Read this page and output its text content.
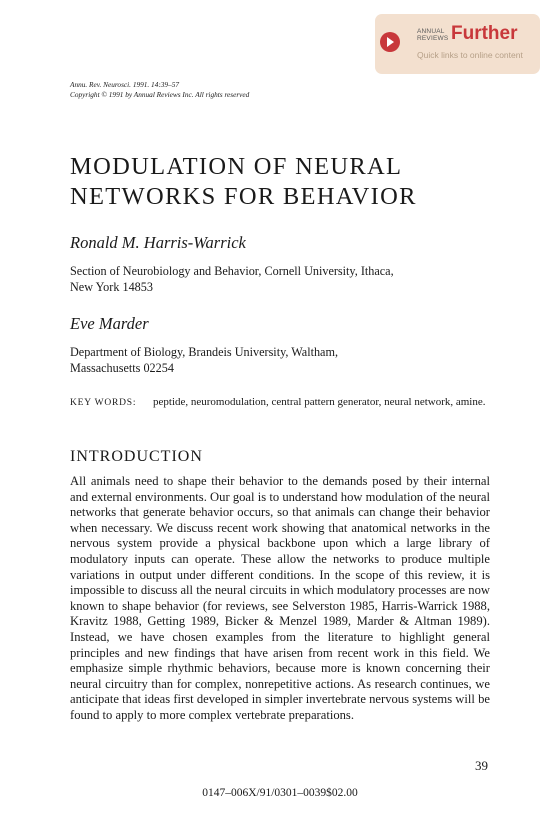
ANNUAL
REVIEWS Further
Quick links to online content
Annu. Rev. Neurosci. 1991. 14:39–57
Copyright © 1991 by Annual Reviews Inc. All rights reserved
MODULATION OF NEURAL
NETWORKS FOR BEHAVIOR
Ronald M. Harris-Warrick
Section of Neurobiology and Behavior, Cornell University, Ithaca,
New York 14853
Eve Marder
Department of Biology, Brandeis University, Waltham,
Massachusetts 02254
KEY WORDS: peptide, neuromodulation, central pattern generator, neural network, amine.
INTRODUCTION

All animals need to shape their behavior to the demands posed by their internal and external environments. Our goal is to understand how modulation of the neural networks that generate behavior occurs, so that animals can change their behavior when necessary. We discuss recent work showing that anatomical networks in the nervous system provide a physical backbone upon which a large library of modulatory inputs can operate. These allow the networks to produce multiple variations in output under different conditions. In the scope of this review, it is impossible to discuss all the neural circuits in which modulatory processes are now known to shape behavior (for reviews, see Selverston 1985, Harris-Warrick 1988, Kravitz 1988, Getting 1989, Bicker & Menzel 1989, Marder & Altman 1989). Instead, we have chosen examples from the literature to highlight general principles and new findings that have arisen from recent work in this field. We emphasize simple rhythmic behaviors, because more is known concerning their neural circuitry than for complex, nonrepetitive actions. As research continues, we anticipate that ideas first developed in simpler invertebrate nervous systems will be found to apply to more complex vertebrate preparations.

39
0147–006X/91/0301–0039$02.00
